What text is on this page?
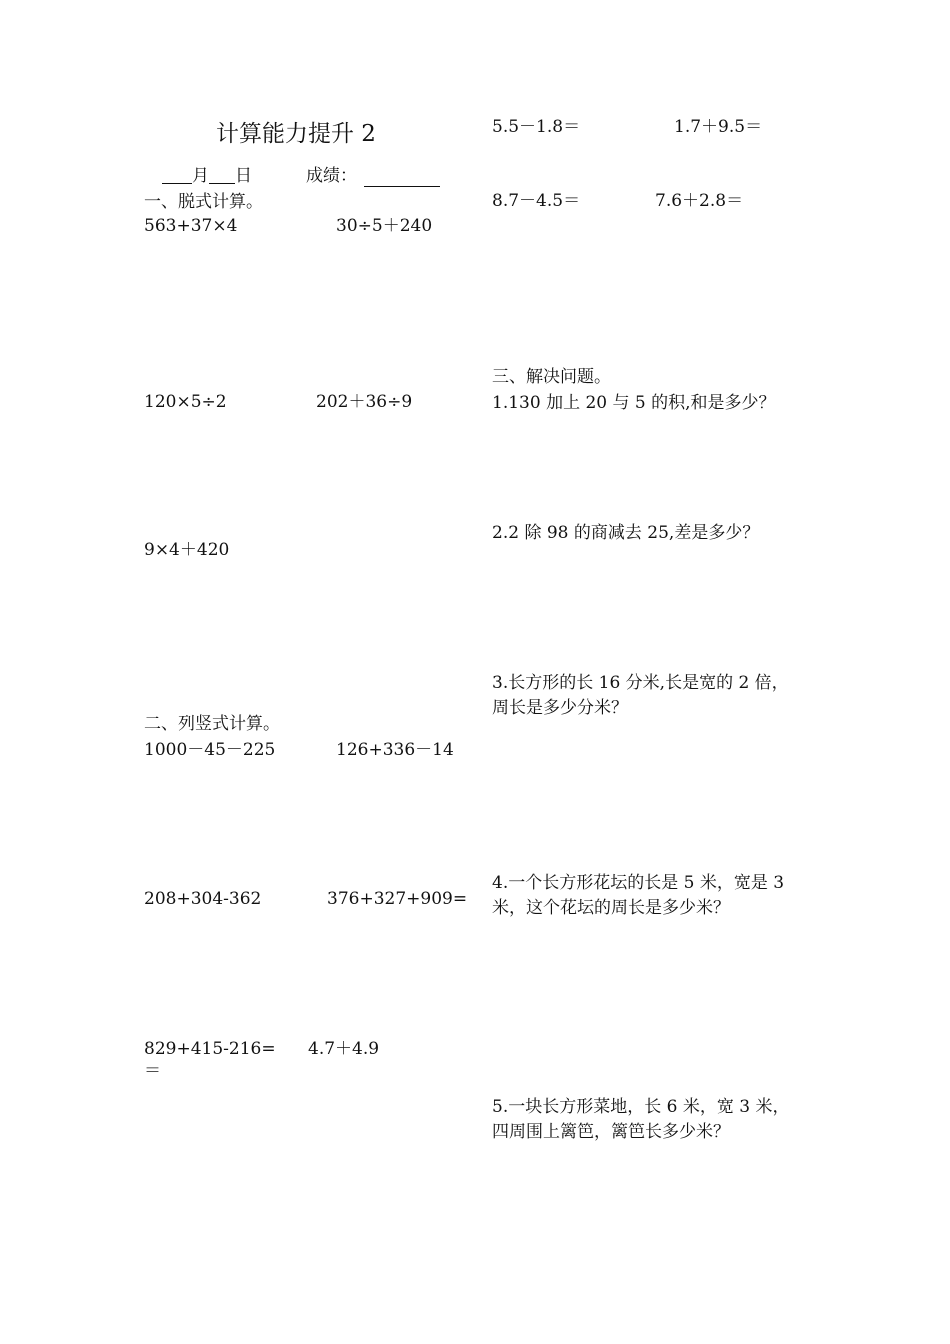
计算能力提升 2
月 日	成绩：
一、脱式计算。
563+37×4	30÷5＋240
120×5÷2	202＋36÷9
9×4＋420
二、列竖式计算。
1000－45－225	126+336－14
208+304-362	376+327+909=
829+415-216= 4.7＋4.9
＝
5.5－1.8＝	1.7＋9.5＝
8.7－4.5＝	7.6＋2.8＝
三、解决问题。
1.130 加上 20 与 5 的积,和是多少？
2.2 除 98 的商减去 25,差是多少？
3.长方形的长 16 分米,长是宽的 2 倍，
周长是多少分米？
4.一个长方形花坛的长是 5 米，宽是 3
米，这个花坛的周长是多少米？
5.一块长方形菜地，长 6 米，宽 3 米，
四周围上篱笆，篱笆长多少米？
